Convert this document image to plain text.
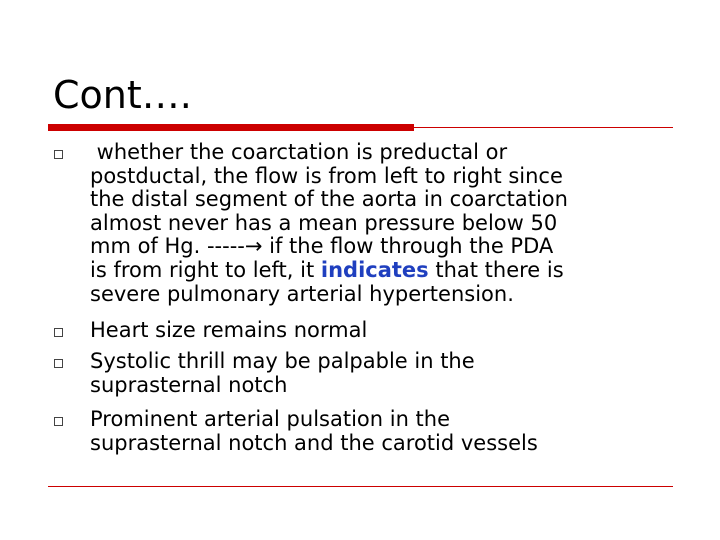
Cont….
whether the coarctation is preductal or
postductal, the flow is from left to right since
the distal segment of the aorta in coarctation
almost never has a mean pressure below 50
mm of Hg. -----→ if the flow through the PDA
is from right to left, it indicates that there is
severe pulmonary arterial hypertension.
Heart size remains normal
Systolic thrill may be palpable in the
suprasternal notch
Prominent arterial pulsation in the
suprasternal notch and the carotid vessels
